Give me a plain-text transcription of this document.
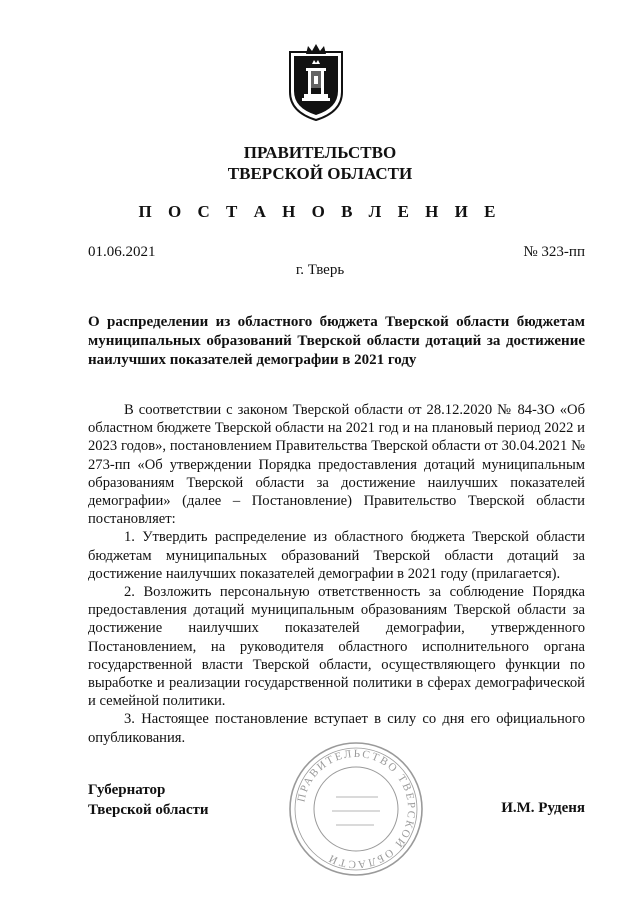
ПРАВИТЕЛЬСТВО
ТВЕРСКОЙ ОБЛАСТИ
П О С Т А Н О В Л Е Н И Е
01.06.2021	№ 323-пп
г. Тверь
О распределении из областного бюджета Тверской области бюджетам муниципальных образований Тверской области дотаций за достижение наилучших показателей демографии в 2021 году

В соответствии с законом Тверской области от 28.12.2020 № 84-ЗО «Об областном бюджете Тверской области на 2021 год и на плановый период 2022 и 2023 годов», постановлением Правительства Тверской области от 30.04.2021 № 273-пп «Об утверждении Порядка предоставления дотаций муниципальным образованиям Тверской области за достижение наилучших показателей демографии» (далее – Постановление) Правительство Тверской области постановляет:

1. Утвердить распределение из областного бюджета Тверской области бюджетам муниципальных образований Тверской области дотаций за достижение наилучших показателей демографии в 2021 году (прилагается).

2. Возложить персональную ответственность за соблюдение Порядка предоставления дотаций муниципальным образованиям Тверской области за достижение наилучших показателей демографии, утвержденного Постановлением, на руководителя областного исполнительного органа государственной власти Тверской области, осуществляющего функции по выработке и реализации государственной политики в сферах демографической и семейной политики.

3. Настоящее постановление вступает в силу со дня его официального опубликования.

Губернатор
Тверской области	И.М. Руденя
ПРАВИТЕЛЬСТВО ТВЕРСКОЙ ОБЛАСТИ
